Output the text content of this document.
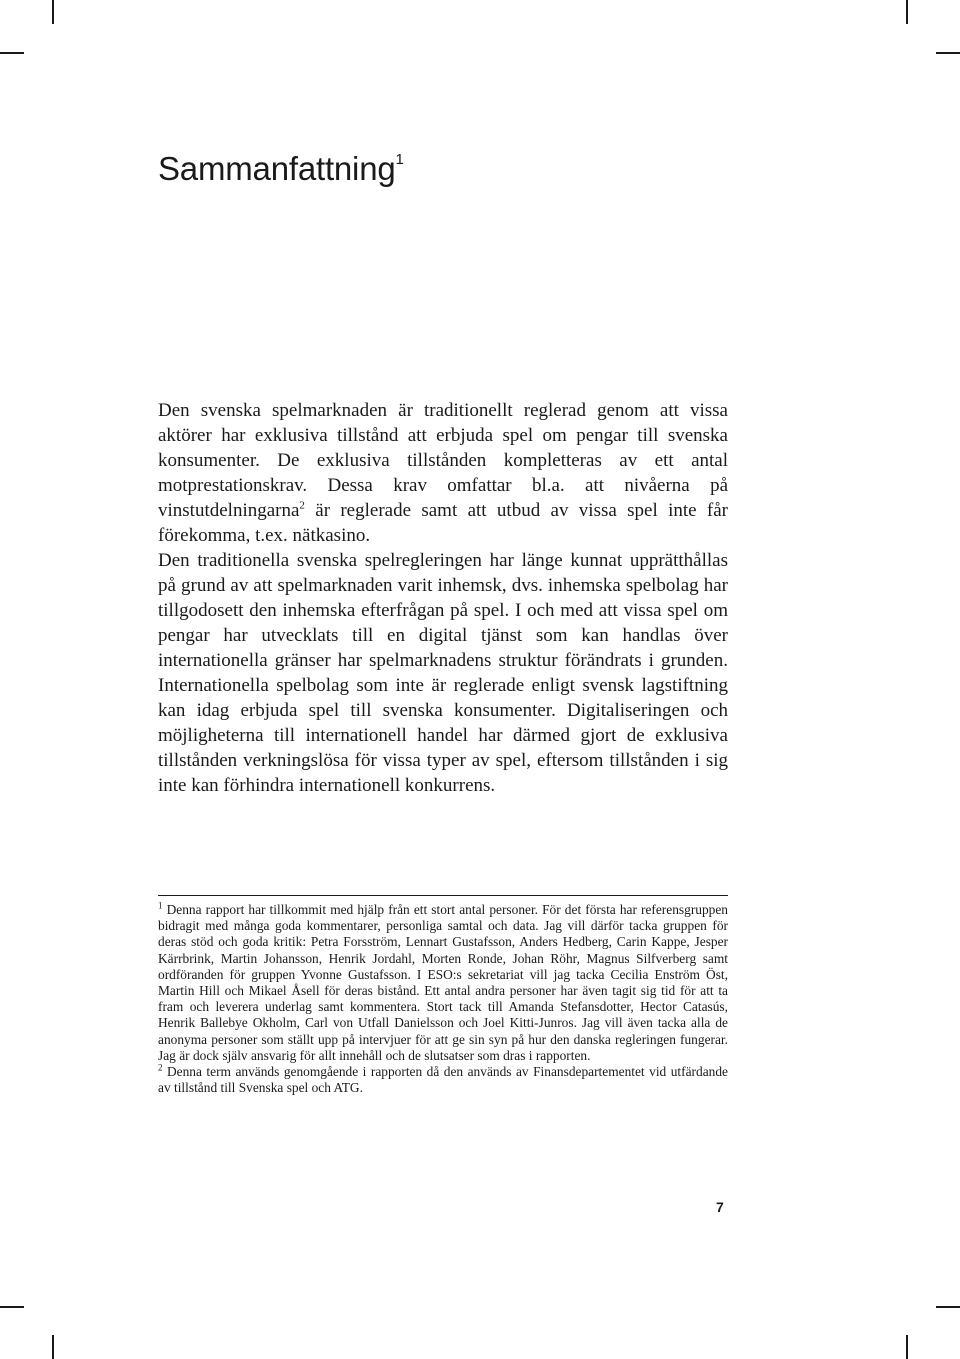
Sammanfattning$^1$

Den svenska spelmarknaden är traditionellt reglerad genom att vissa aktörer har exklusiva tillstånd att erbjuda spel om pengar till svenska konsumenter. De exklusiva tillstånden kompletteras av ett antal motprestationskrav. Dessa krav omfattar bl.a. att nivåerna på vinstutdelningarna$^2$ är reglerade samt att utbud av vissa spel inte får förekomma, t.ex. nätkasino.

Den traditionella svenska spelregleringen har länge kunnat upprätthållas på grund av att spelmarknaden varit inhemsk, dvs. inhemska spelbolag har tillgodosett den inhemska efterfrågan på spel. I och med att vissa spel om pengar har utvecklats till en digital tjänst som kan handlas över internationella gränser har spelmarknadens struktur förändrats i grunden. Internationella spelbolag som inte är reglerade enligt svensk lagstiftning kan idag erbjuda spel till svenska konsumenter. Digitaliseringen och möjligheterna till internationell handel har därmed gjort de exklusiva tillstånden verkningslösa för vissa typer av spel, eftersom tillstånden i sig inte kan förhindra internationell konkurrens.

$^1$ Denna rapport har tillkommit med hjälp från ett stort antal personer. För det första har referensgruppen bidragit med många goda kommentarer, personliga samtal och data. Jag vill därför tacka gruppen för deras stöd och goda kritik: Petra Forsström, Lennart Gustafsson, Anders Hedberg, Carin Kappe, Jesper Kärrbrink, Martin Johansson, Henrik Jordahl, Morten Ronde, Johan Röhr, Magnus Silfverberg samt ordföranden för gruppen Yvonne Gustafsson. I ESO:s sekretariat vill jag tacka Cecilia Enström Öst, Martin Hill och Mikael Åsell för deras bistånd. Ett antal andra personer har även tagit sig tid för att ta fram och leverera underlag samt kommentera. Stort tack till Amanda Stefansdotter, Hector Catasús, Henrik Ballebye Okholm, Carl von Utfall Danielsson och Joel Kitti-Junros. Jag vill även tacka alla de anonyma personer som ställt upp på intervjuer för att ge sin syn på hur den danska regleringen fungerar. Jag är dock själv ansvarig för allt innehåll och de slutsatser som dras i rapporten.

$^2$ Denna term används genomgående i rapporten då den används av Finansdepartementet vid utfärdande av tillstånd till Svenska spel och ATG.

7
